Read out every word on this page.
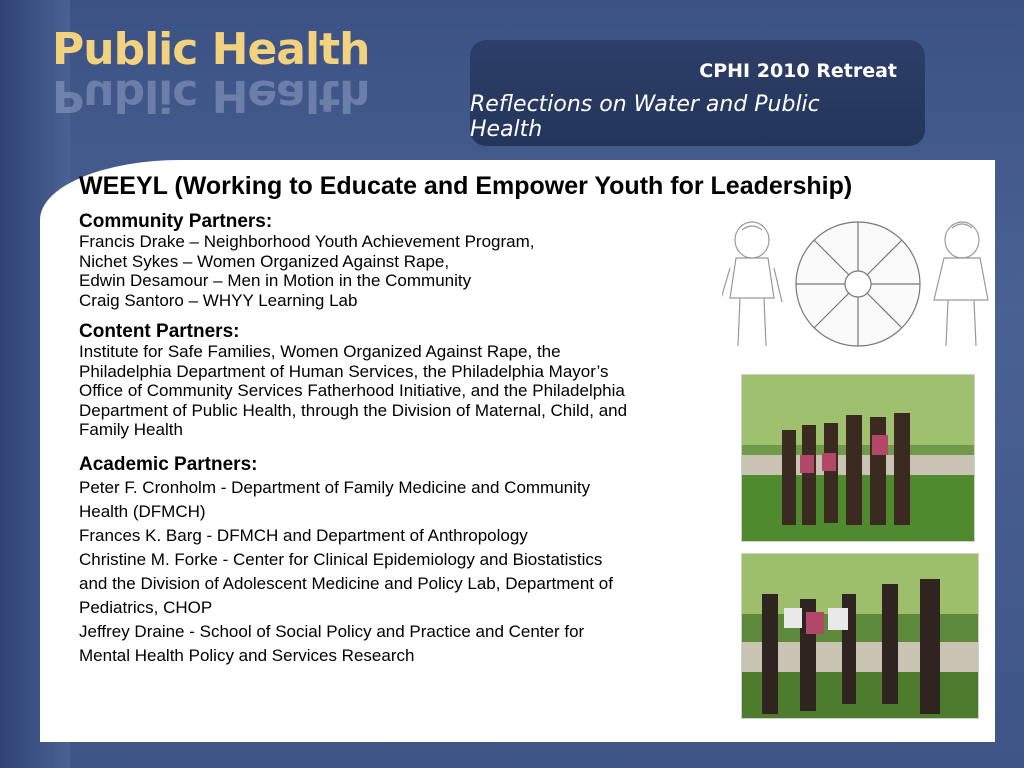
Public Health
Public Health	CPHI 2010 Retreat
Reflections on Water and Public Health
WEEYL (Working to Educate and Empower Youth for Leadership)
Community Partners:
Francis Drake – Neighborhood Youth Achievement Program,
Nichet Sykes – Women Organized Against Rape,
Edwin Desamour – Men in Motion in the Community
Craig Santoro – WHYY Learning Lab
Content Partners:
Institute for Safe Families, Women Organized Against Rape, the
Philadelphia Department of Human Services, the Philadelphia Mayor’s
Office of Community Services Fatherhood Initiative, and the Philadelphia
Department of Public Health, through the Division of Maternal, Child, and
Family Health
Academic Partners:
Peter F. Cronholm - Department of Family Medicine and Community
Health (DFMCH)
Frances K. Barg - DFMCH and Department of Anthropology
Christine M. Forke - Center for Clinical Epidemiology and Biostatistics
and the Division of Adolescent Medicine and Policy Lab, Department of
Pediatrics, CHOP
Jeffrey Draine - School of Social Policy and Practice and Center for
Mental Health Policy and Services Research
